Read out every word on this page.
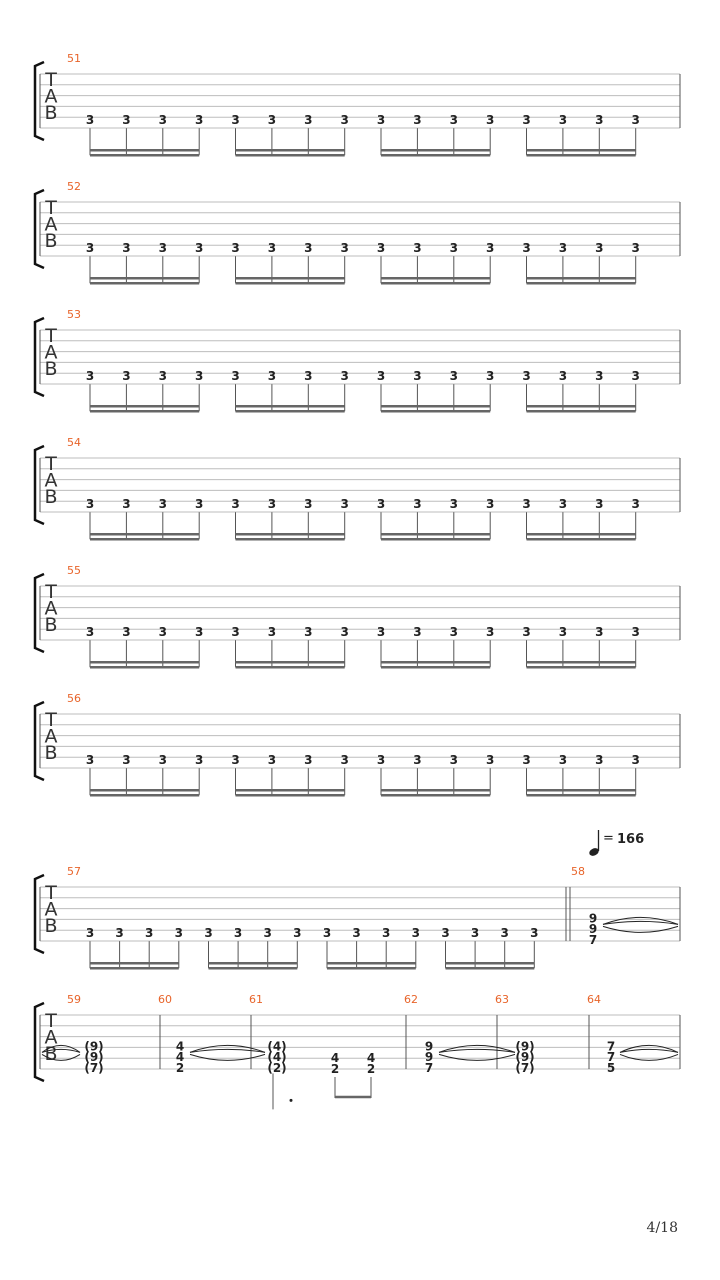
51
T
A
B 3 3 3 3 3 3 3 3 3 3 3 3 3 3 3 3
52
T
A
B 3 3 3 3 3 3 3 3 3 3 3 3 3 3 3 3
53
T
A
B 3 3 3 3 3 3 3 3 3 3 3 3 3 3 3 3
54
T
A
B 3 3 3 3 3 3 3 3 3 3 3 3 3 3 3 3
55
T
A
B 3 3 3 3 3 3 3 3 3 3 3 3 3 3 3 3
56
T
A
B 3 3 3 3 3 3 3 3 3 3 3 3 3 3 3 3
= 166
57	58
T
A
B 3 3 3 3 3 3 3 3 3 3 3 3 3 3 3 3
9
9
7
T
A
B
59	60	61	62	63	64
(9)
(9)
(7)
4
4
2
(4)
(4)
(2)
4
2
4
2
9
9
7
(9)
(9)
(7)
7
7
5
4/18
